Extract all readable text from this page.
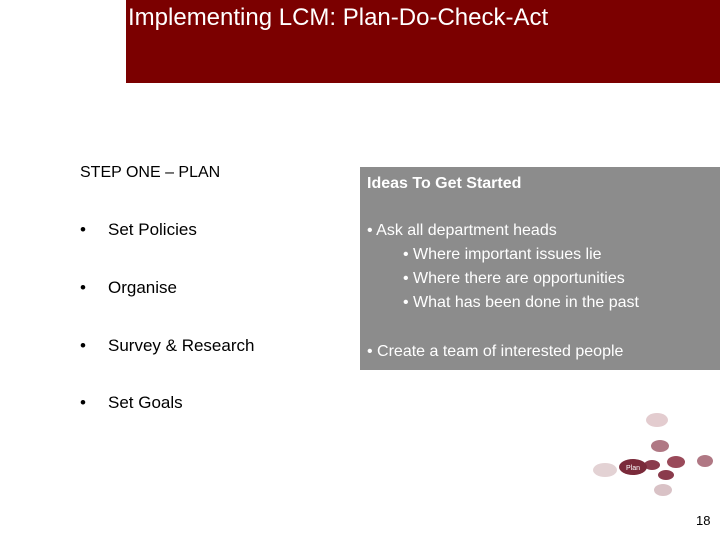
Implementing LCM: Plan-Do-Check-Act
STEP ONE – PLAN
• Set Policies
• Organise
• Survey & Research
• Set Goals
Ideas To Get Started
• Ask all department heads
• Where important issues lie
• Where there are opportunities
• What has been done in the past
• Create a team of interested people
Plan
18
